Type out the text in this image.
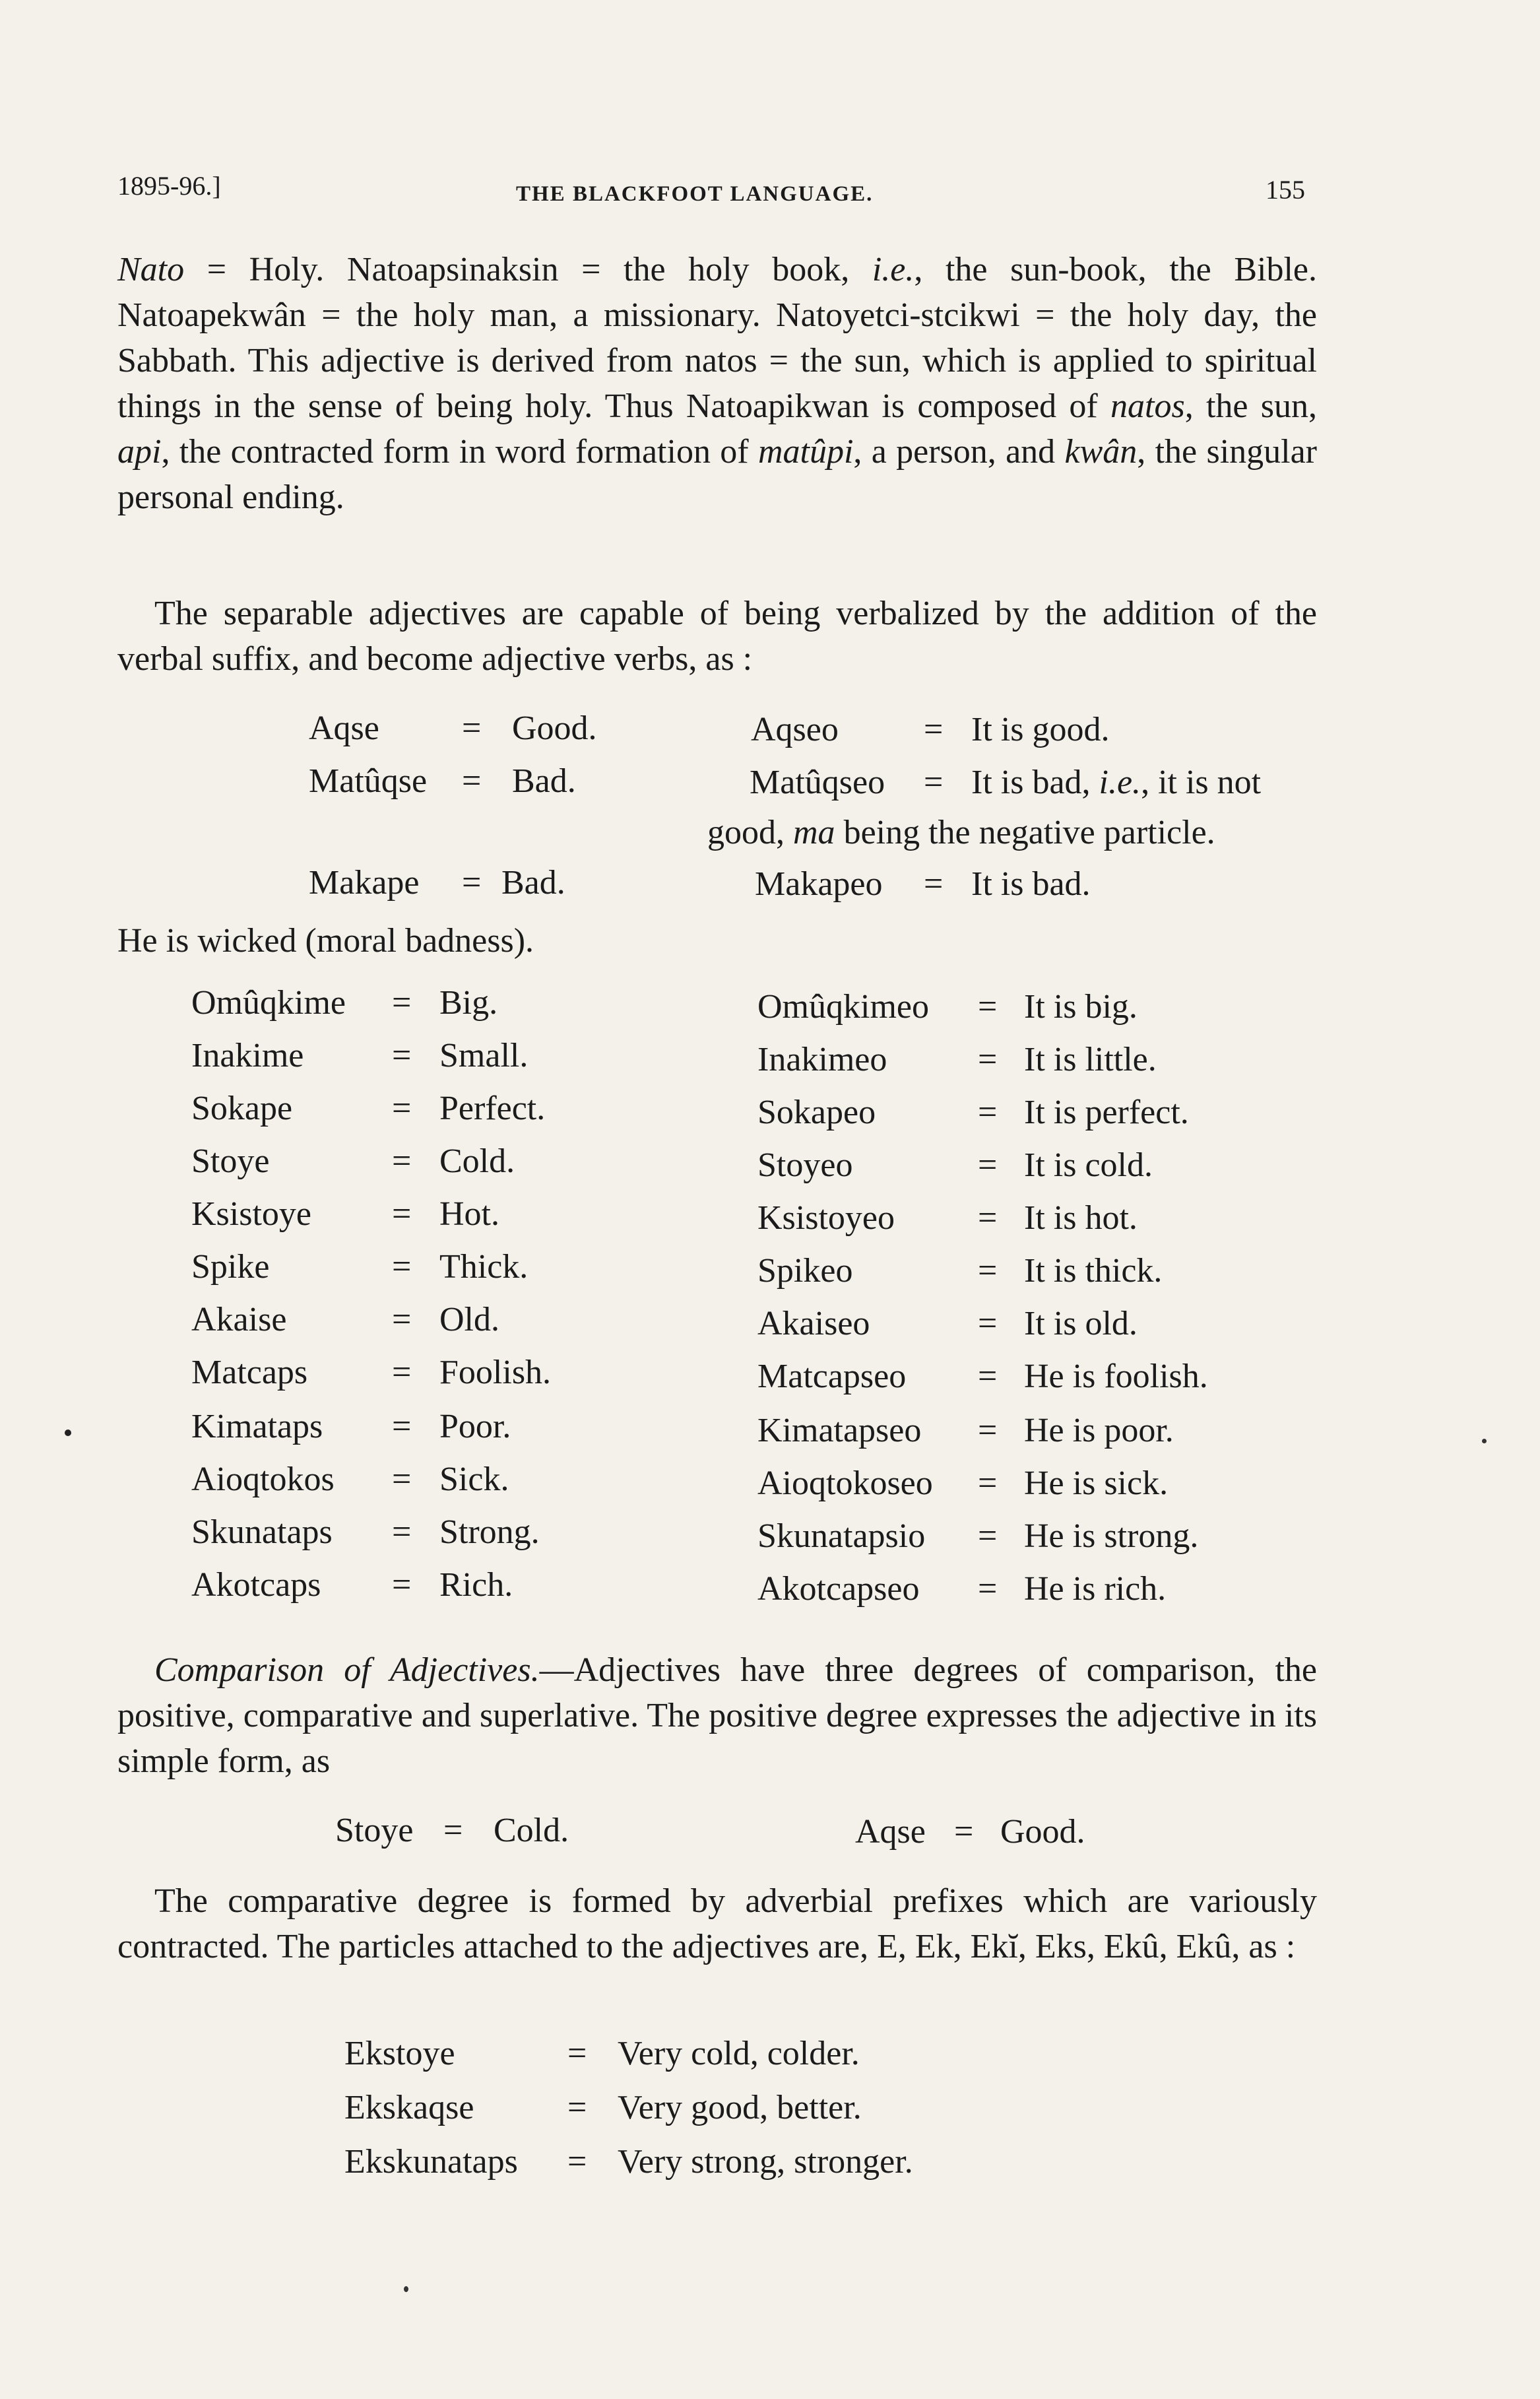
1895-96.]	THE BLACKFOOT LANGUAGE.	155
Nato = Holy. Natoapsinaksin = the holy book, i.e., the sun-book, the Bible. Natoapekwân = the holy man, a missionary. Natoyetci-stcikwi = the holy day, the Sabbath. This adjective is derived from natos = the sun, which is applied to spiritual things in the sense of being holy. Thus Natoapikwan is composed of natos, the sun, api, the contracted form in word formation of matûpi, a person, and kwân, the singular personal ending.
The separable adjectives are capable of being verbalized by the addition of the verbal suffix, and become adjective verbs, as :
Aqse = Good.	Aqseo = It is good.
Matûqse = Bad.	Matûqseo = It is bad, i.e., it is not
good, ma being the negative particle.
Makape = Bad.	Makapeo = It is bad.
He is wicked (moral badness).
Omûqkime = Big.	Omûqkimeo = It is big.
Inakime	= Small.	Inakimeo	= It is little.
Sokape	= Perfect.	Sokapeo	= It is perfect.
Stoye	= Cold.	Stoyeo	= It is cold.
Ksistoye = Hot.	Ksistoyeo = It is hot.
Spike	= Thick.	Spikeo	= It is thick.
Akaise	= Old.	Akaiseo	= It is old.
Matcaps = Foolish.	Matcapseo = He is foolish.
Kimataps = Poor.	Kimatapseo = He is poor.
Aioqtokos = Sick.	Aioqtokoseo = He is sick.
Skunataps = Strong.	Skunatapsio = He is strong.
Akotcaps = Rich.	Akotcapseo = He is rich.
Comparison of Adjectives.—Adjectives have three degrees of comparison, the positive, comparative and superlative. The positive degree expresses the adjective in its simple form, as
Stoye = Cold.	Aqse = Good.
The comparative degree is formed by adverbial prefixes which are variously contracted. The particles attached to the adjectives are, E, Ek, Ekĭ, Eks, Ekû, Ekû, as :
Ekstoye	= Very cold, colder.
Ekskaqse	= Very good, better.
Ekskunataps = Very strong, stronger.
